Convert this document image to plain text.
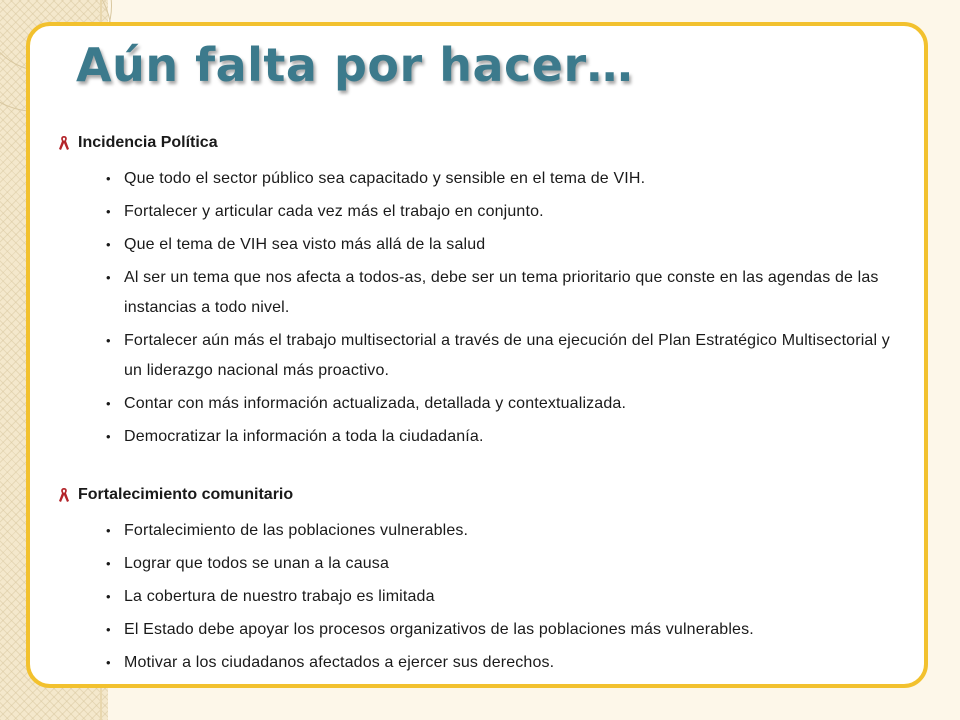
Aún falta por hacer…
Incidencia Política
• Que todo el sector público sea capacitado y sensible en el tema de VIH.
• Fortalecer y articular cada vez más el trabajo en conjunto.
• Que el tema de VIH sea visto más allá de la salud
• Al ser un tema que nos afecta a todos-as, debe ser un tema prioritario que conste en las agendas de las instancias a todo nivel.
• Fortalecer aún más el trabajo multisectorial a través de una ejecución del Plan Estratégico Multisectorial y un liderazgo nacional más proactivo.
• Contar con más información actualizada, detallada y contextualizada.
• Democratizar la información a toda la ciudadanía.
Fortalecimiento comunitario
• Fortalecimiento de las poblaciones vulnerables.
• Lograr que todos se unan a la causa
• La cobertura de nuestro trabajo es limitada
• El Estado debe apoyar los procesos organizativos de las poblaciones más vulnerables.
• Motivar a los ciudadanos afectados a ejercer sus derechos.
